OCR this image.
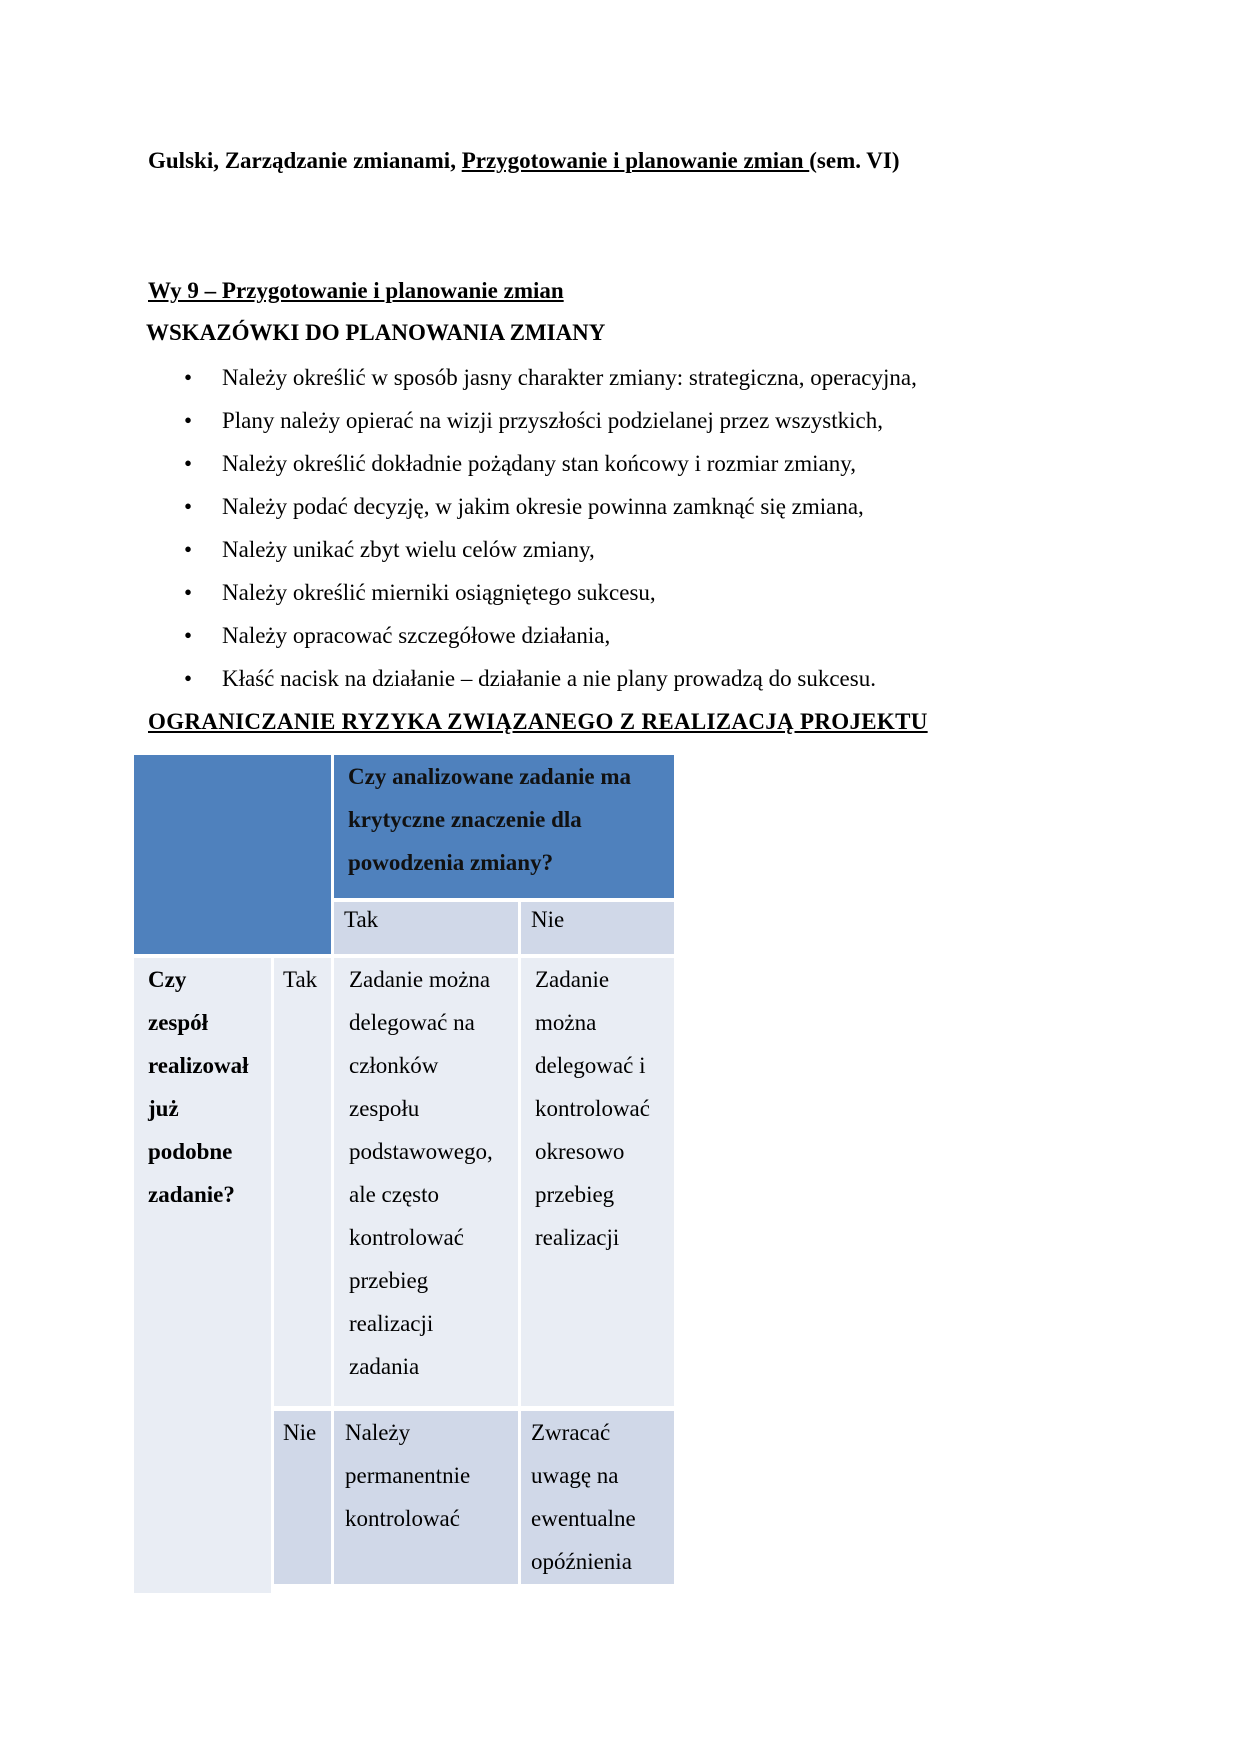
Gulski, Zarządzanie zmianami, Przygotowanie i planowanie zmian (sem. VI)
Wy 9 – Przygotowanie i planowanie zmian
WSKAZÓWKI DO PLANOWANIA ZMIANY
• Należy określić w sposób jasny charakter zmiany: strategiczna, operacyjna,
• Plany należy opierać na wizji przyszłości podzielanej przez wszystkich,
• Należy określić dokładnie pożądany stan końcowy i rozmiar zmiany,
• Należy podać decyzję, w jakim okresie powinna zamknąć się zmiana,
• Należy unikać zbyt wielu celów zmiany,
• Należy określić mierniki osiągniętego sukcesu,
• Należy opracować szczegółowe działania,
• Kłaść nacisk na działanie – działanie a nie plany prowadzą do sukcesu.
OGRANICZANIE RYZYKA ZWIĄZANEGO Z REALIZACJĄ PROJEKTU
Czy analizowane zadanie ma
krytyczne znaczenie dla
powodzenia zmiany?
Tak	Nie
Czy
zespół
realizował
już
podobne
zadanie?
Tak
Nie
Zadanie można
delegować na
członków
zespołu
podstawowego,
ale często
kontrolować
przebieg
realizacji
zadania
Zadanie
można
delegować i
kontrolować
okresowo
przebieg
realizacji
Należy
permanentnie
kontrolować
Zwracać
uwagę na
ewentualne
opóźnienia
